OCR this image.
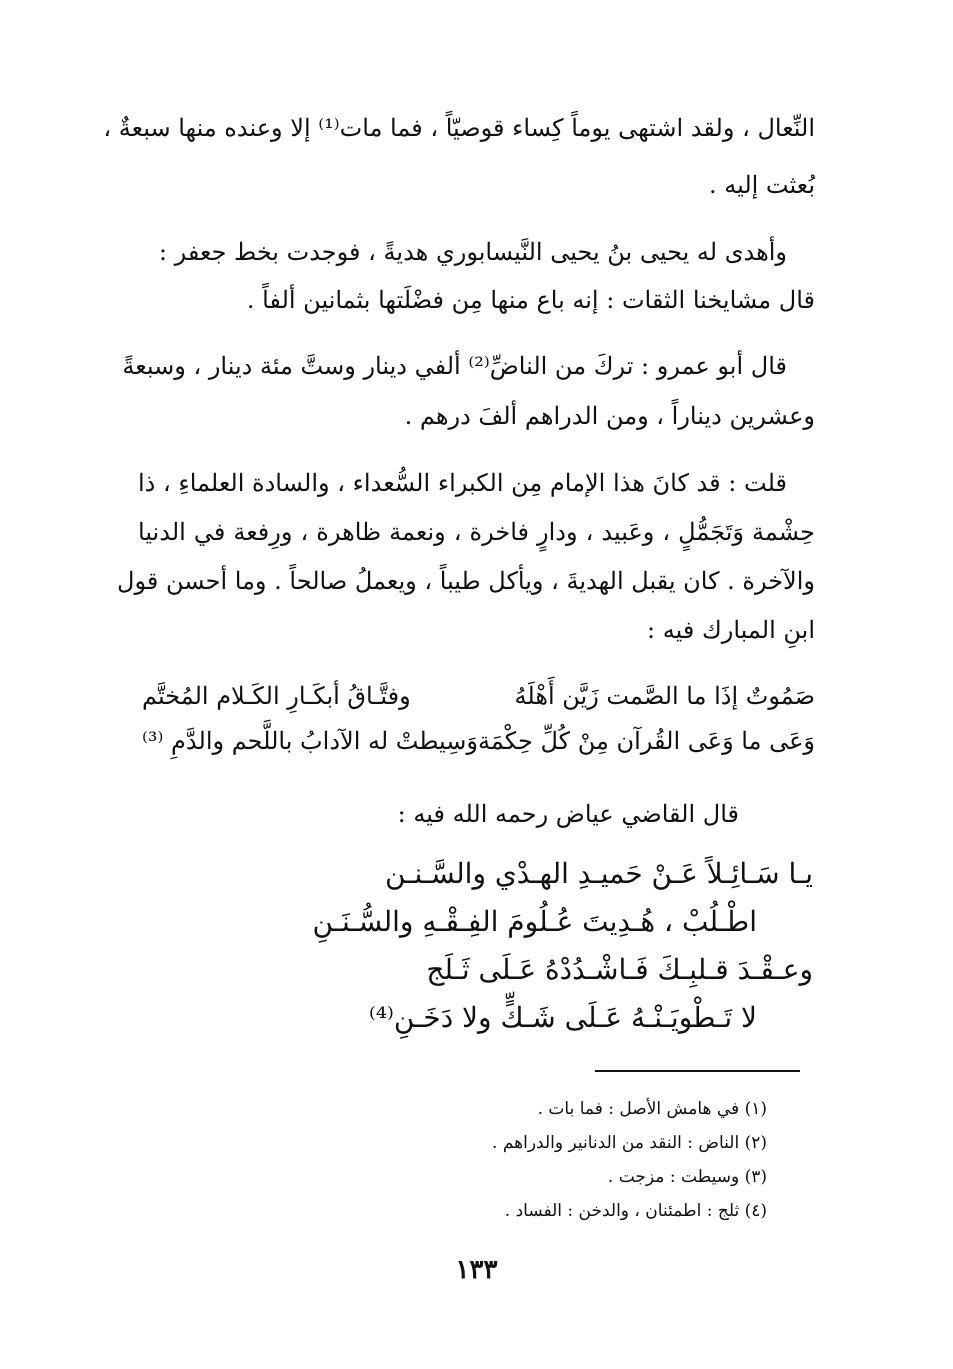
النِّعال ، ولقد اشتهى يوماً كِساء قوصيّاً ، فما مات⁽¹⁾ إلا وعنده منها سبعةٌ ،
بُعثت إليه .
وأهدى له يحيى بنُ يحيى النَّيسابوري هديةً ، فوجدت بخط جعفر :
قال مشايخنا الثقات : إنه باع منها مِن فضْلَتها بثمانين ألفاً .
قال أبو عمرو : تركَ من الناضِّ⁽²⁾ ألفي دينار وستَّ مئة دينار ، وسبعةً
وعشرين ديناراً ، ومن الدراهم ألفَ درهم .
قلت : قد كانَ هذا الإمام مِن الكبراء السُّعداء ، والسادة العلماءِ ، ذا
حِشْمة وَتَجَمُّلٍ ، وعَبيد ، ودارٍ فاخرة ، ونعمة ظاهرة ، ورِفعة في الدنيا
والآخرة . كان يقبل الهديةَ ، ويأكل طيباً ، ويعملُ صالحاً . وما أحسن قول
ابنِ المبارك فيه :
صَمُوتٌ إذَا ما الصَّمت زَيَّن أَهْلَهُ
وفتَّـاقُ أبكَـارِ الكَـلام المُختَّم
وَعَى ما وَعَى القُرآن مِنْ كُلِّ حِكْمَة
وَسِيطتْ له الآدابُ باللَّحم والدَّمِ ⁽³⁾
قال القاضي عياض رحمه الله فيه :
يـا سَـائِـلاً عَـنْ حَميـدِ الهـدْي والسَّـنـن
اطْـلُبْ ، هُـدِيتَ عُـلُومَ الفِـقْـهِ والسُّـنَـنِ
وعـقْـدَ قـلبِـكَ فَـاشْـدُدْهُ عَـلَى ثَـلَج
لا تَـطْويَـنْـهُ عَـلَى شَـكٍّ ولا دَخَـنِ⁽⁴⁾
(١) في هامش الأصل : فما بات .
(٢) الناض : النقد من الدنانير والدراهم .
(٣) وسيطت : مزجت .
(٤) ثلج : اطمئنان ، والدخن : الفساد .
١٣٣
